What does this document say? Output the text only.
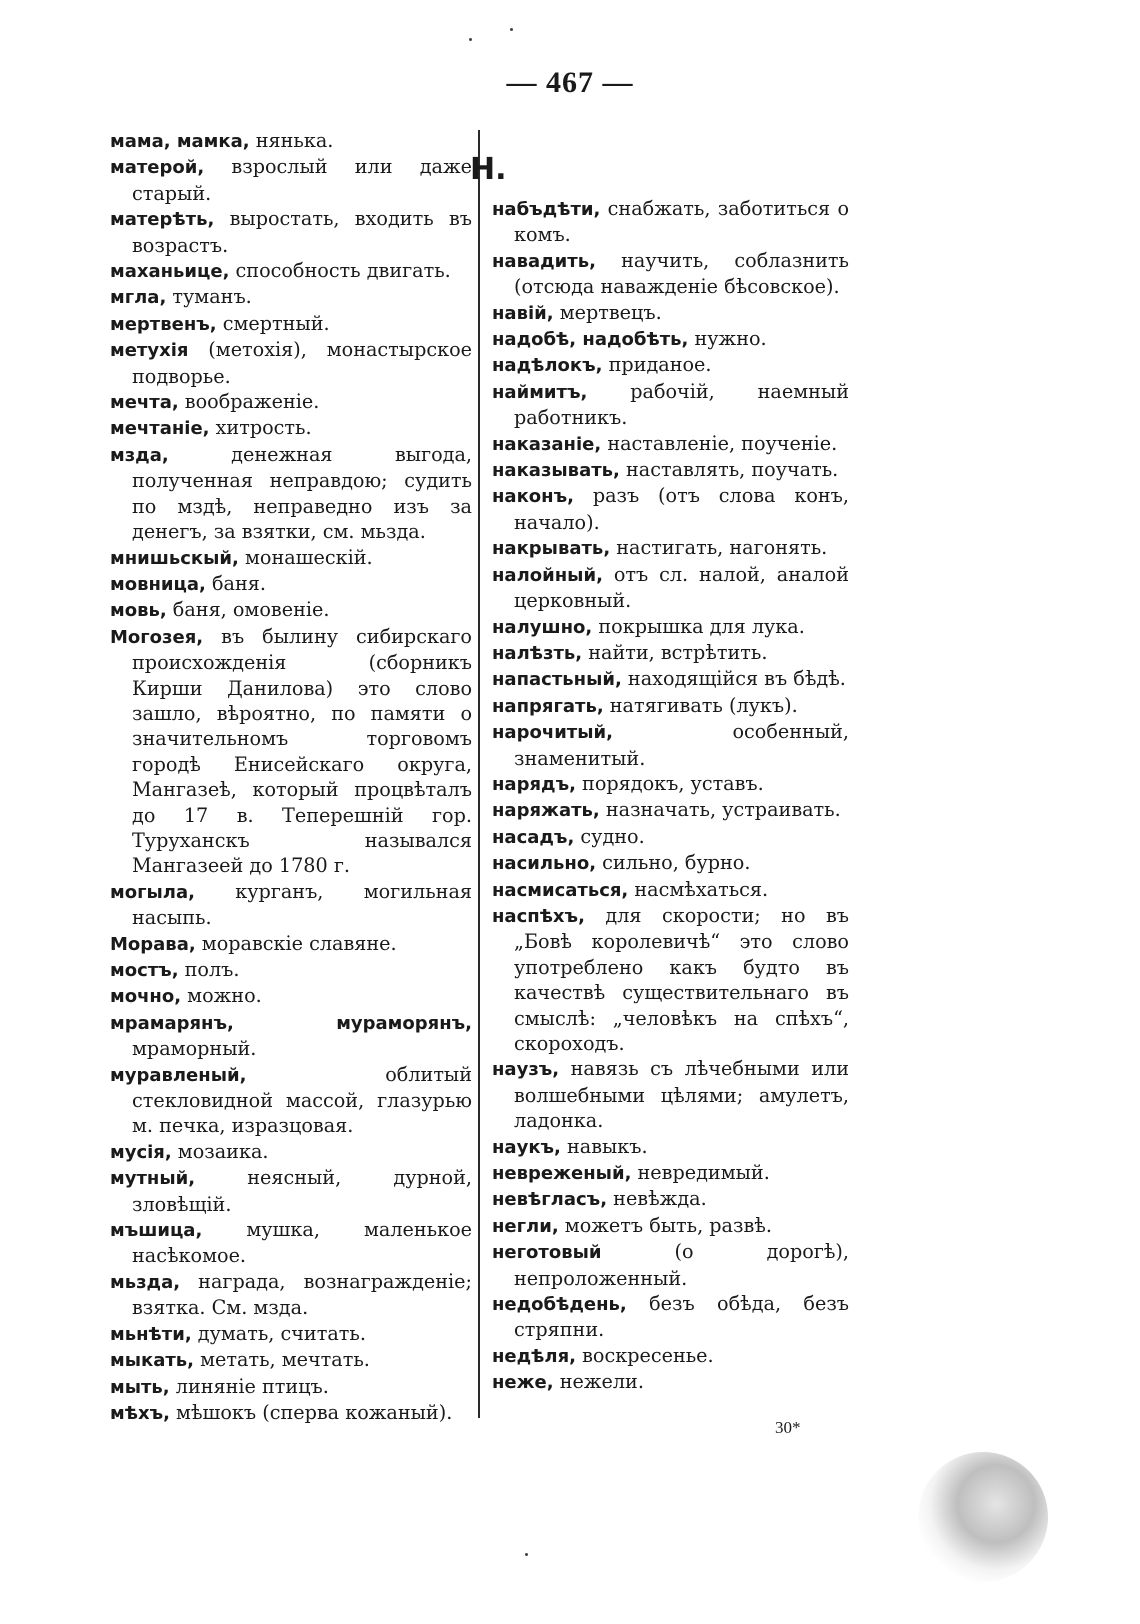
— 467 —

мама, мамка, нянька.

матерой, взрослый или даже старый.

матерѣть, выростать, входить въ возрастъ.

маханьице, способность двигать.

мгла, туманъ.

мертвенъ, смертный.

метухія (метохія), монастырское подворье.

мечта, воображеніе.

мечтаніе, хитрость.

мзда, денежная выгода, полученная неправдою; судить по мздѣ, неправедно изъ за денегъ, за взятки, см. мьзда.

мнишьскый, монашескій.

мовница, баня.

мовь, баня, омовеніе.

Могозея, въ былину сибирскаго происхожденія (сборникъ Кирши Данилова) это слово зашло, вѣроятно, по памяти о значительномъ торговомъ городѣ Енисейскаго округа, Мангазеѣ, который процвѣталъ до 17 в. Теперешній гор. Туруханскъ назывался Мангазеей до 1780 г.

могыла, курганъ, могильная насыпь.

Морава, моравскіе славяне.

мостъ, полъ.

мочно, можно.

мрамарянъ, мураморянъ, мраморный.

муравленый, облитый стекловидной массой, глазурью м. печка, изразцовая.

мусія, мозаика.

мутный, неясный, дурной, зловѣщій.

мъшица, мушка, маленькое насѣкомое.

мьзда, награда, вознагражденіе; взятка. См. мзда.

мьнѣти, думать, считать.

мыкать, метать, мечтать.

мыть, линяніе птицъ.

мѣхъ, мѣшокъ (сперва кожаный).

Н.

набъдѣти, снабжать, заботиться о комъ.

навадить, научить, соблазнить (отсюда наважденіе бѣсовское).

навій, мертвецъ.

надобѣ, надобѣть, нужно.

надѣлокъ, приданое.

наймитъ, рабочій, наемный работникъ.

наказаніе, наставленіе, поученіе.

наказывать, наставлять, поучать.

наконъ, разъ (отъ слова конъ, начало).

накрывать, настигать, нагонять.

налойный, отъ сл. налой, аналой церковный.

налушно, покрышка для лука.

налѣзть, найти, встрѣтить.

напастьный, находящійся въ бѣдѣ.

напрягать, натягивать (лукъ).

нарочитый, особенный, знаменитый.

нарядъ, порядокъ, уставъ.

наряжать, назначать, устраивать.

насадъ, судно.

насильно, сильно, бурно.

насмисаться, насмѣхаться.

наспѣхъ, для скорости; но въ „Бовѣ королевичѣ“ это слово употреблено какъ будто въ качествѣ существительнаго въ смыслѣ: „человѣкъ на спѣхъ“, скороходъ.

наузъ, навязь съ лѣчебными или волшебными цѣлями; амулетъ, ладонка.

наукъ, навыкъ.

невреженый, невредимый.

невѣгласъ, невѣжда.

негли, можетъ быть, развѣ.

неготовый (о дорогѣ), непроложенный.

недобѣдень, безъ обѣда, безъ стряпни.

недѣля, воскресенье.

неже, нежели.

30*
